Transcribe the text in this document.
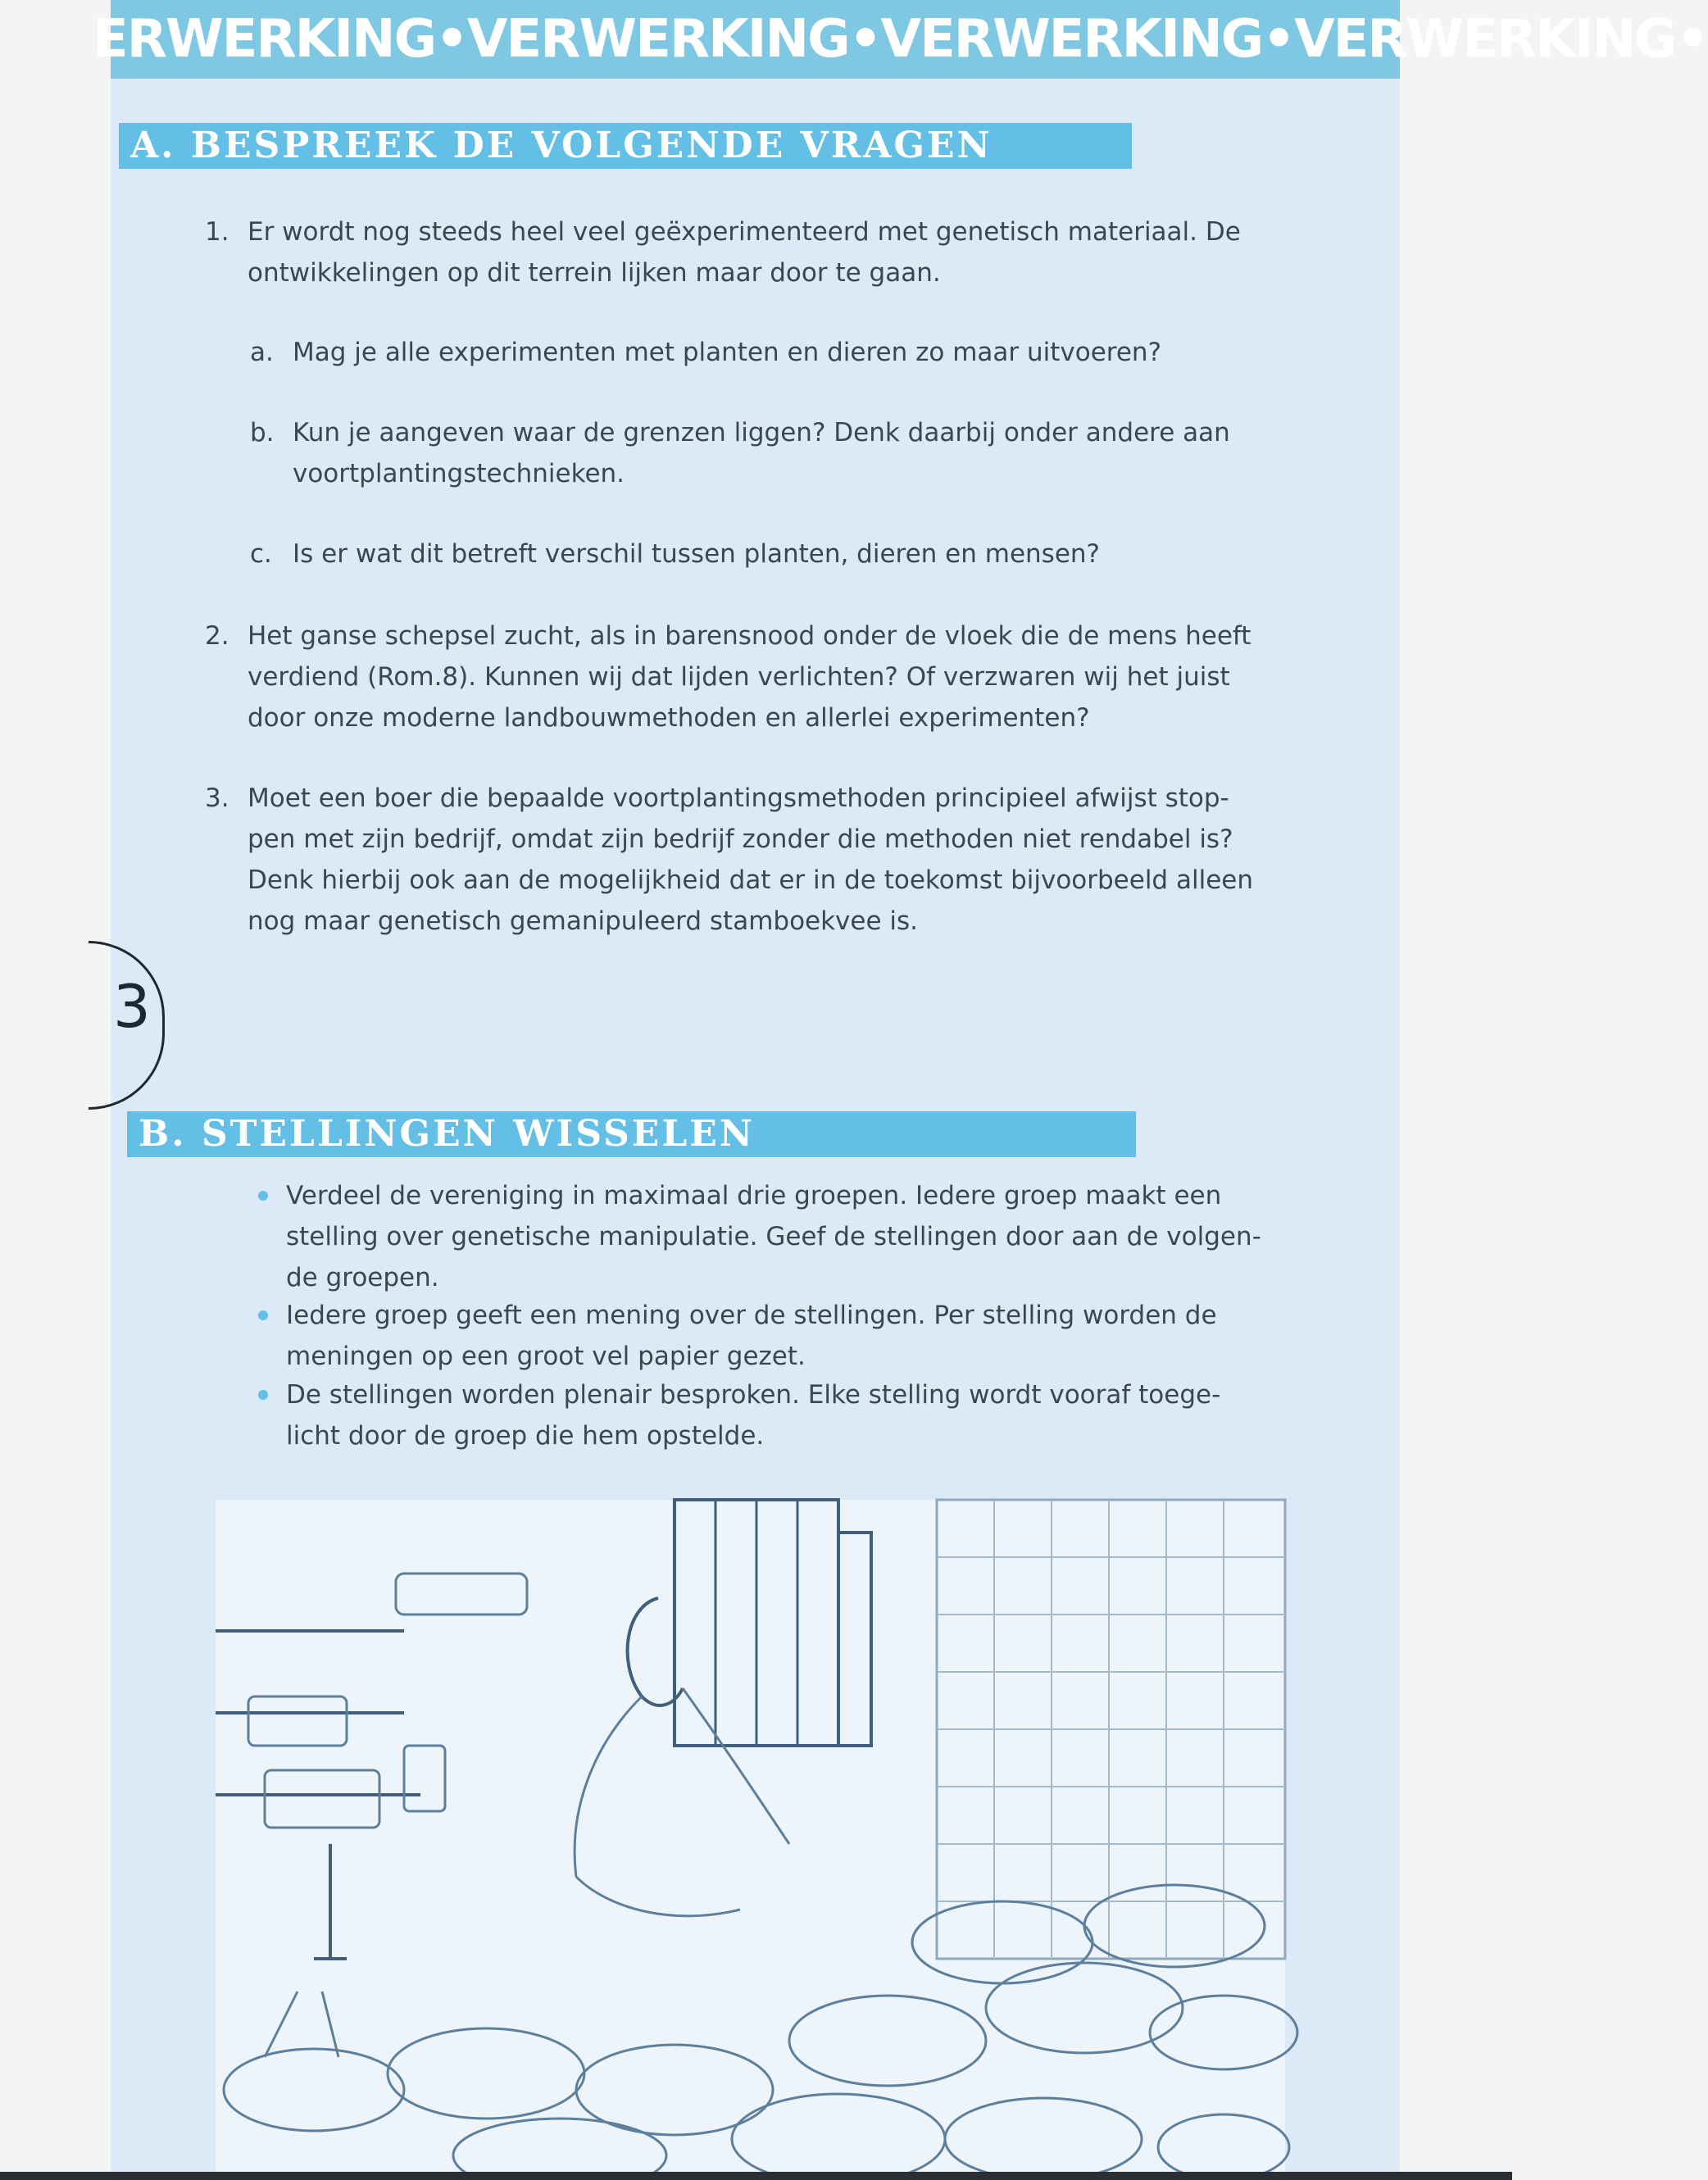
ERWERKING•VERWERKING•VERWERKING•VERWERKING•
A. BESPREEK DE VOLGENDE VRAGEN
1. Er wordt nog steeds heel veel geëxperimenteerd met genetisch materiaal. De
ontwikkelingen op dit terrein lijken maar door te gaan.
a. Mag je alle experimenten met planten en dieren zo maar uitvoeren?
b. Kun je aangeven waar de grenzen liggen? Denk daarbij onder andere aan
voortplantingstechnieken.
c. Is er wat dit betreft verschil tussen planten, dieren en mensen?
2. Het ganse schepsel zucht, als in barensnood onder de vloek die de mens heeft
verdiend (Rom.8). Kunnen wij dat lijden verlichten? Of verzwaren wij het juist
door onze moderne landbouwmethoden en allerlei experimenten?
3. Moet een boer die bepaalde voortplantingsmethoden principieel afwijst stop-
pen met zijn bedrijf, omdat zijn bedrijf zonder die methoden niet rendabel is?
Denk hierbij ook aan de mogelijkheid dat er in de toekomst bijvoorbeeld alleen
nog maar genetisch gemanipuleerd stamboekvee is.
B. STELLINGEN WISSELEN
Verdeel de vereniging in maximaal drie groepen. Iedere groep maakt een
stelling over genetische manipulatie. Geef de stellingen door aan de volgen-
de groepen.
Iedere groep geeft een mening over de stellingen. Per stelling worden de
meningen op een groot vel papier gezet.
De stellingen worden plenair besproken. Elke stelling wordt vooraf toege-
licht door de groep die hem opstelde.
3
